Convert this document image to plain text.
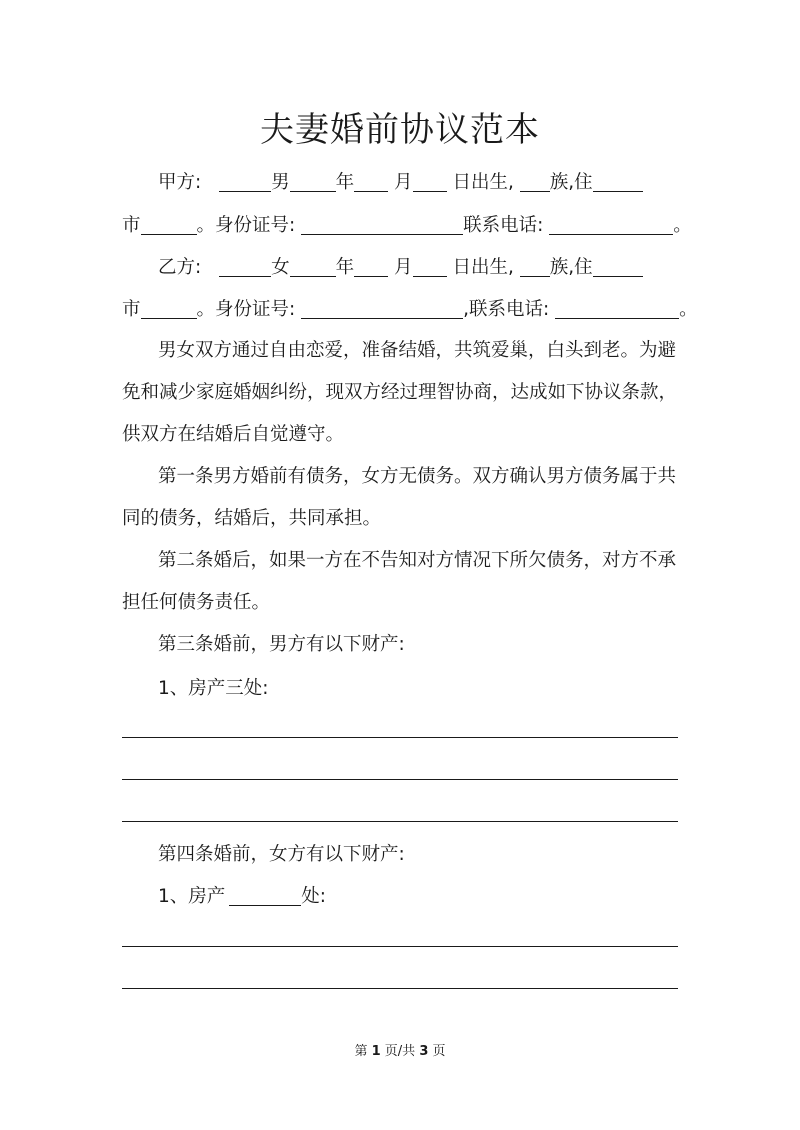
夫妻婚前协议范本
甲方:	男 年 月 日出生, 族,住
市	。身份证号:	联系电话:	。
乙方:	女 年 月 日出生, 族,住
市	。身份证号:	,联系电话:	。
男女双方通过自由恋爱，准备结婚，共筑爱巢，白头到老。为避
免和减少家庭婚姻纠纷，现双方经过理智协商，达成如下协议条款，
供双方在结婚后自觉遵守。
第一条男方婚前有债务，女方无债务。双方确认男方债务属于共
同的债务，结婚后，共同承担。
第二条婚后，如果一方在不告知对方情况下所欠债务，对方不承
担任何债务责任。
第三条婚前，男方有以下财产:
1、房产三处:
第四条婚前，女方有以下财产:
1、房产	处:
第 1 页/共 3 页
